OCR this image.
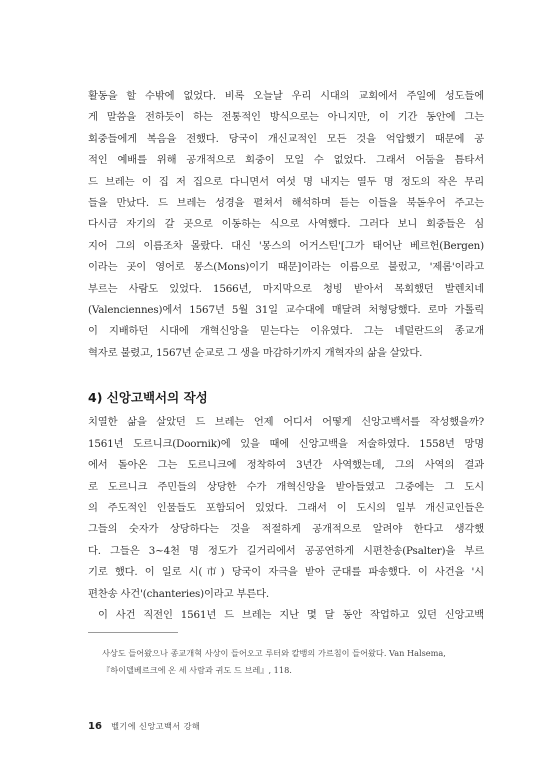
활동을 할 수밖에 없었다. 비록 오늘날 우리 시대의 교회에서 주일에 성도들에

게 말씀을 전하듯이 하는 전통적인 방식으로는 아니지만, 이 기간 동안에 그는

회중들에게 복음을 전했다. 당국이 개신교적인 모든 것을 억압했기 때문에 공

적인 예배를 위해 공개적으로 회중이 모일 수 없었다. 그래서 어둠을 틈타서

드 브레는 이 집 저 집으로 다니면서 여섯 명 내지는 열두 명 정도의 작은 무리

들을 만났다. 드 브레는 성경을 펼쳐서 해석하며 듣는 이들을 북돋우어 주고는

다시금 자기의 갈 곳으로 이동하는 식으로 사역했다. 그러다 보니 회중들은 심

지어 그의 이름조차 몰랐다. 대신 '몽스의 어거스틴'[그가 태어난 베르헌(Bergen)

이라는 곳이 영어로 몽스(Mons)이기 때문]이라는 이름으로 불렀고, '제롬'이라고

부르는 사람도 있었다. 1566년, 마지막으로 청빙 받아서 목회했던 발렌치네

(Valenciennes)에서 1567년 5월 31일 교수대에 매달려 처형당했다. 로마 가톨릭

이 지배하던 시대에 개혁신앙을 믿는다는 이유였다. 그는 네덜란드의 종교개

혁자로 불렸고, 1567년 순교로 그 생을 마감하기까지 개혁자의 삶을 살았다.

4) 신앙고백서의 작성

치열한 삶을 살았던 드 브레는 언제 어디서 어떻게 신앙고백서를 작성했을까?

1561년 도르니크(Doornik)에 있을 때에 신앙고백을 저술하였다. 1558년 망명

에서 돌아온 그는 도르니크에 정착하여 3년간 사역했는데, 그의 사역의 결과

로 도르니크 주민들의 상당한 수가 개혁신앙을 받아들였고 그중에는 그 도시

의 주도적인 인물들도 포함되어 있었다. 그래서 이 도시의 일부 개신교인들은

그들의 숫자가 상당하다는 것을 적절하게 공개적으로 알려야 한다고 생각했

다. 그들은 3~4천 명 정도가 길거리에서 공공연하게 시편찬송(Psalter)을 부르

기로 했다. 이 일로 시(市) 당국이 자극을 받아 군대를 파송했다. 이 사건을 '시

편찬송 사건'(chanteries)이라고 부른다.

이 사건 직전인 1561년 드 브레는 지난 몇 달 동안 작업하고 있던 신앙고백

사상도 들어왔으나 종교개혁 사상이 들어오고 루터와 칼뱅의 가르침이 들어왔다. Van Halsema,
『하이델베르크에 온 세 사람과 귀도 드 브레』, 118.
16 벨기에 신앙고백서 강해
